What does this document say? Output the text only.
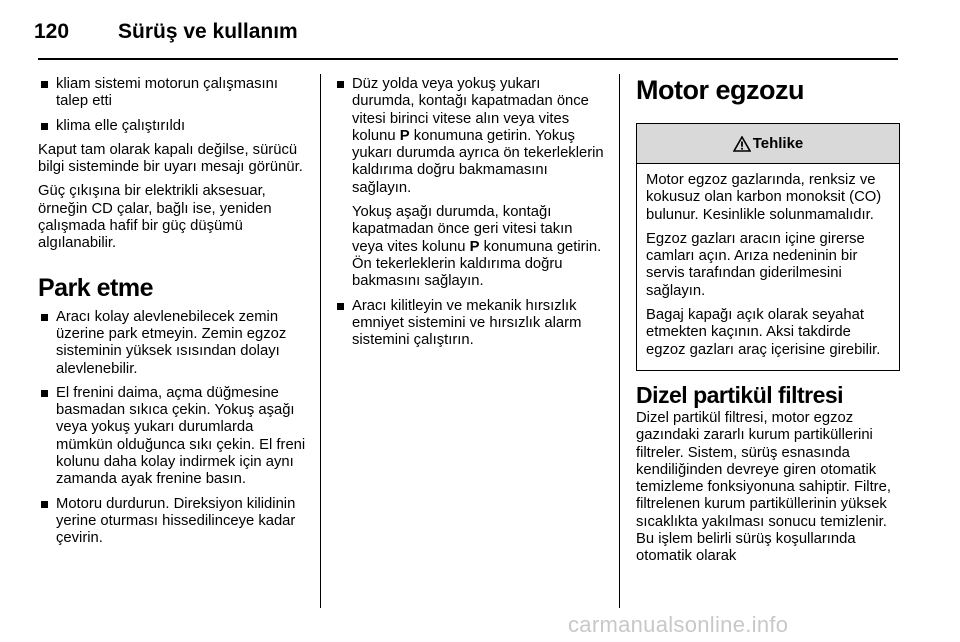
120 Sürüş ve kullanım
kliam sistemi motorun çalışmasını talep etti
klima elle çalıştırıldı

Kaput tam olarak kapalı değilse, sürücü bilgi sisteminde bir uyarı mesajı görünür.

Güç çıkışına bir elektrikli aksesuar, örneğin CD çalar, bağlı ise, yeniden çalışmada hafif bir güç düşümü algılanabilir.

Park etme
Aracı kolay alevlenebilecek zemin üzerine park etmeyin. Zemin egzoz sisteminin yüksek ısısından dolayı alevlenebilir.
El frenini daima, açma düğmesine basmadan sıkıca çekin. Yokuş aşağı veya yokuş yukarı durumlarda mümkün olduğunca sıkı çekin. El freni kolunu daha kolay indirmek için aynı zamanda ayak frenine basın.
Motoru durdurun. Direksiyon kilidinin yerine oturması hissedilinceye kadar çevirin.
Düz yolda veya yokuş yukarı durumda, kontağı kapatmadan önce vitesi birinci vitese alın veya vites kolunu P konumuna getirin. Yokuş yukarı durumda ayrıca ön tekerleklerin kaldırıma doğru bakmamasını sağlayın.

Yokuş aşağı durumda, kontağı kapatmadan önce geri vitesi takın veya vites kolunu P konumuna getirin. Ön tekerleklerin kaldırıma doğru bakmasını sağlayın.

Aracı kilitleyin ve mekanik hırsızlık emniyet sistemini ve hırsızlık alarm sistemini çalıştırın.
Motor egzozu
Tehlike

Motor egzoz gazlarında, renksiz ve kokusuz olan karbon monoksit (CO) bulunur. Kesinlikle solunmamalıdır.

Egzoz gazları aracın içine girerse camları açın. Arıza nedeninin bir servis tarafından giderilmesini sağlayın.

Bagaj kapağı açık olarak seyahat etmekten kaçının. Aksi takdirde egzoz gazları araç içerisine girebilir.

Dizel partikül filtresi

Dizel partikül filtresi, motor egzoz gazındaki zararlı kurum partiküllerini filtreler. Sistem, sürüş esnasında kendiliğinden devreye giren otomatik temizleme fonksiyonuna sahiptir. Filtre, filtrelenen kurum partiküllerinin yüksek sıcaklıkta yakılması sonucu temizlenir. Bu işlem belirli sürüş koşullarında otomatik olarak

carmanualsonline.info
